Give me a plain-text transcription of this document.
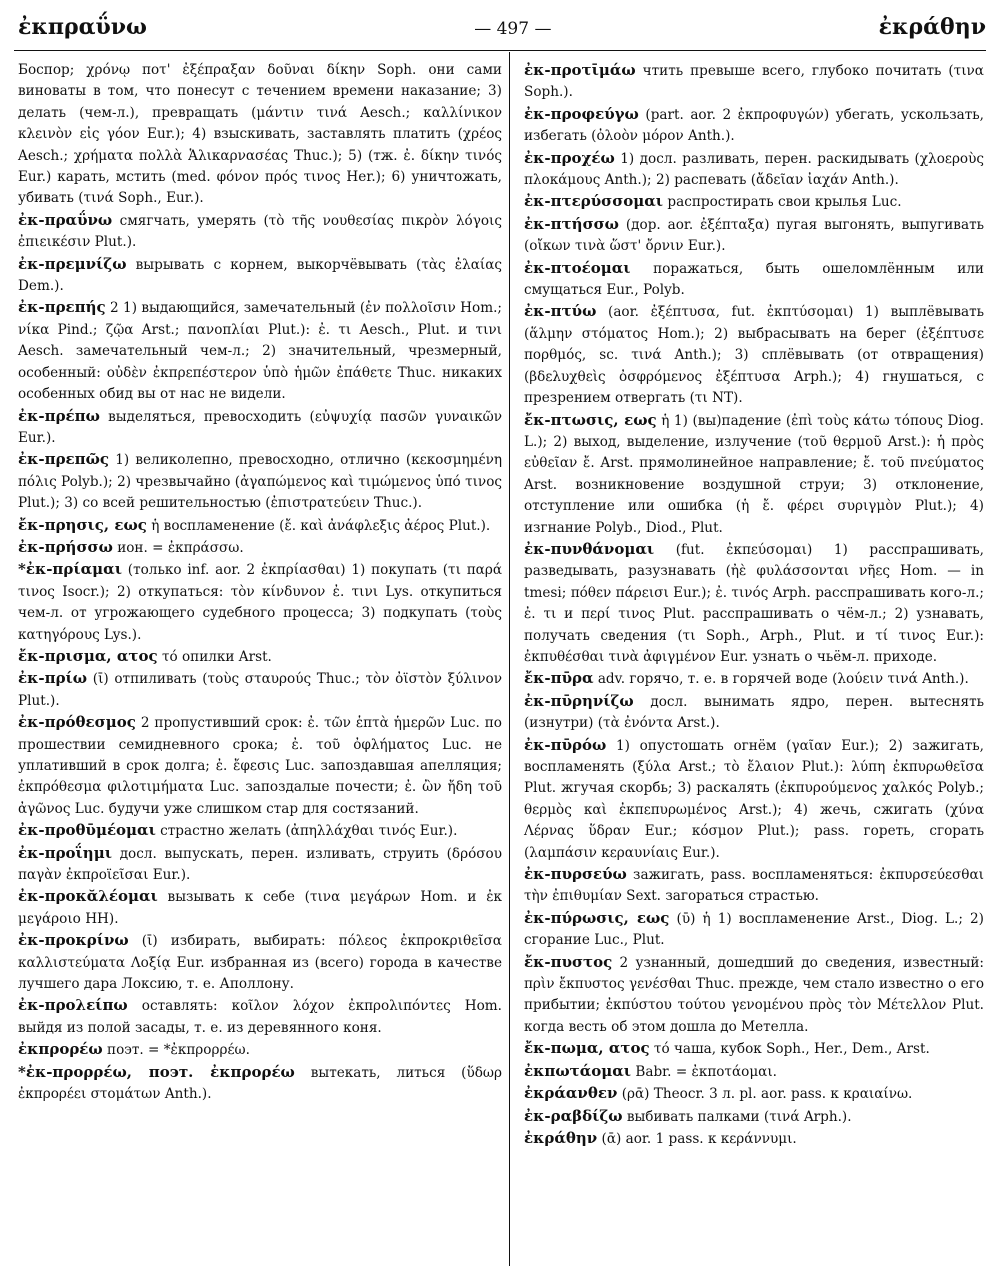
ἐκπραΰνω	— 497 —	ἐκράθην

Боспор; χρόνῳ ποτ' ἐξέπραξαν δοῦναι δίκην Soph. они сами виноваты в том, что понесут с течением времени наказание; 3) делать (чем-л.), превращать (μάντιν τινά Aesch.; καλλίνικον κλεινὸν εἰς γόον Eur.); 4) взыскивать, заставлять платить (χρέος Aesch.; χρήματα πολλὰ Ἁλικαρνασέας Thuc.); 5) (тж. ἐ. δίκην τινός Eur.) карать, мстить (med. φόνον πρός τινος Her.); 6) уничтожать, убивать (τινά Soph., Eur.).

ἐκ-πραΰνω смягчать, умерять (τὸ τῆς νουθεσίας πικρὸν λόγοις ἐπιεικέσιν Plut.).

ἐκ-πρεμνίζω вырывать с корнем, выкорчёвывать (τὰς ἐλαίας Dem.).

ἐκ-πρεπής 2 1) выдающийся, замечательный (ἐν πολλοῖσιν Hom.; νίκα Pind.; ζῷα Arst.; πανοπλίαι Plut.): ἐ. τι Aesch., Plut. и τινι Aesch. замечательный чем-л.; 2) значительный, чрезмерный, особенный: οὐδὲν ἐκπρεπέστερον ὑπὸ ἡμῶν ἐπάθετε Thuc. никаких особенных обид вы от нас не видели.

ἐκ-πρέπω выделяться, превосходить (εὐψυχίᾳ πασῶν γυναικῶν Eur.).

ἐκ-πρεπῶς 1) великолепно, превосходно, отлично (κεκοσμημένη πόλις Polyb.); 2) чрезвычайно (ἀγαπώμενος καὶ τιμώμενος ὑπό τινος Plut.); 3) со всей решительностью (ἐπιστρατεύειν Thuc.).

ἔκ-πρησις, εως ἡ воспламенение (ἔ. καὶ ἀνάφλεξις ἀέρος Plut.).

ἐκ-πρήσσω ион. = ἐκπράσσω.

*ἐκ-πρίαμαι (только inf. aor. 2 ἐκπρίασθαι) 1) покупать (τι παρά τινος Isocr.); 2) откупаться: τὸν κίνδυνον ἐ. τινι Lys. откупиться чем-л. от угрожающего судебного процесса; 3) подкупать (τοὺς κατηγόρους Lys.).

ἔκ-πρισμα, ατος τό опилки Arst.

ἐκ-πρίω (ῑ) отпиливать (τοὺς σταυρούς Thuc.; τὸν ὀϊστὸν ξύλινον Plut.).

ἐκ-πρόθεσμος 2 пропустивший срок: ἐ. τῶν ἑπτὰ ἡμερῶν Luc. по прошествии семидневного срока; ἐ. τοῦ ὀφλήματος Luc. не уплативший в срок долга; ἐ. ἔφεσις Luc. запоздавшая апелляция; ἐκπρόθεσμα φιλοτιμήματα Luc. запоздалые почести; ἐ. ὢν ἤδη τοῦ ἀγῶνος Luc. будучи уже слишком стар для состязаний.

ἐκ-προθῡμέομαι страстно желать (ἀπηλλάχθαι τινός Eur.).

ἐκ-προΐημι досл. выпускать, перен. изливать, струить (δρόσου παγὰν ἐκπροϊεῖσαι Eur.).

ἐκ-προκᾰλέομαι вызывать к себе (τινα μεγάρων Hom. и ἐκ μεγάροιο HH).

ἐκ-προκρίνω (ῑ) избирать, выбирать: πόλεος ἐκπροκριθεῖσα καλλιστεύματα Λοξίᾳ Eur. избранная из (всего) города в качестве лучшего дара Локсию, т. е. Аполлону.

ἐκ-προλείπω оставлять: κοῖλον λόχον ἐκπρολιπόντες Hom. выйдя из полой засады, т. е. из деревянного коня.

ἐκπρορέω поэт. = *ἐκπρορρέω.

*ἐκ-προρρέω, поэт. ἐκπρορέω вытекать, литься (ὕδωρ ἐκπρορέει στομάτων Anth.).

ἐκ-προτῑμάω чтить превыше всего, глубоко почитать (τινα Soph.).

ἐκ-προφεύγω (part. aor. 2 ἐκπροφυγών) убегать, ускользать, избегать (ὀλοὸν μόρον Anth.).

ἐκ-προχέω 1) досл. разливать, перен. раскидывать (χλοεροὺς πλοκάμους Anth.); 2) распевать (ἄδεῖαν ἰαχάν Anth.).

ἐκ-πτερύσσομαι распростирать свои крылья Luc.

ἐκ-πτήσσω (дор. aor. ἐξέπταξα) пугая выгонять, выпугивать (οἴκων τινὰ ὥστ' ὄρνιν Eur.).

ἐκ-πτοέομαι поражаться, быть ошеломлённым или смущаться Eur., Polyb.

ἐκ-πτύω (aor. ἐξέπτυσα, fut. ἐκπτύσομαι) 1) выплёвывать (ἅλμην στόματος Hom.); 2) выбрасывать на берег (ἐξέπτυσε πορθμός, sc. τινά Anth.); 3) сплёвывать (от отвращения) (βδελυχθεὶς ὀσφρόμενος ἐξέπτυσα Arph.); 4) гнушаться, с презрением отвергать (τι NT).

ἔκ-πτωσις, εως ἡ 1) (вы)падение (ἐπὶ τοὺς κάτω τόπους Diog. L.); 2) выход, выделение, излучение (τοῦ θερμοῦ Arst.): ἡ πρὸς εὐθεῖαν ἔ. Arst. прямолинейное направление; ἔ. τοῦ πνεύματος Arst. возникновение воздушной струи; 3) отклонение, отступление или ошибка (ἡ ἔ. φέρει συριγμὸν Plut.); 4) изгнание Polyb., Diod., Plut.

ἐκ-πυνθάνομαι (fut. ἐκπεύσομαι) 1) расспрашивать, разведывать, разузнавать (ἠὲ φυλάσσονται νῆες Hom. — in tmesi; πόθεν πάρεισι Eur.); ἐ. τινός Arph. расспрашивать кого-л.; ἐ. τι и περί τινος Plut. расспрашивать о чём-л.; 2) узнавать, получать сведения (τι Soph., Arph., Plut. и τί τινος Eur.): ἐκπυθέσθαι τινὰ ἀφιγμένον Eur. узнать о чьём-л. приходе.

ἔκ-πῡρα adv. горячо, т. е. в горячей воде (λούειν τινά Anth.).

ἐκ-πῡρηνίζω досл. вынимать ядро, перен. вытеснять (изнутри) (τὰ ἐνόντα Arst.).

ἐκ-πῡρόω 1) опустошать огнём (γαῖαν Eur.); 2) зажигать, воспламенять (ξύλα Arst.; τὸ ἔλαιον Plut.): λύπη ἐκπυρωθεῖσα Plut. жгучая скорбь; 3) раскалять (ἐκπυρούμενος χαλκός Polyb.; θερμὸς καὶ ἐκπεπυρωμένος Arst.); 4) жечь, сжигать (χύνα Λέρνας ὕδραν Eur.; κόσμον Plut.); pass. гореть, сгорать (λαμπάσιν κεραυνίαις Eur.).

ἐκ-πυρσεύω зажигать, pass. воспламеняться: ἐκπυρσεύεσθαι τὴν ἐπιθυμίαν Sext. загораться страстью.

ἐκ-πύρωσις, εως (ῡ) ἡ 1) воспламенение Arst., Diog. L.; 2) сгорание Luc., Plut.

ἔκ-πυστος 2 узнанный, дошедший до сведения, известный: πρὶν ἔκπυστος γενέσθαι Thuc. прежде, чем стало известно о его прибытии; ἐκπύστου τούτου γενομένου πρὸς τὸν Μέτελλον Plut. когда весть об этом дошла до Метелла.

ἔκ-πωμα, ατος τό чаша, кубок Soph., Her., Dem., Arst.

ἐκπωτάομαι Babr. = ἐκποτάομαι.

ἐκράανθεν (ρᾱ) Theocr. 3 л. pl. aor. pass. к κραιαίνω.

ἐκ-ραβδίζω выбивать палками (τινά Arph.).

ἐκράθην (ᾱ) aor. 1 pass. к κεράννυμι.
